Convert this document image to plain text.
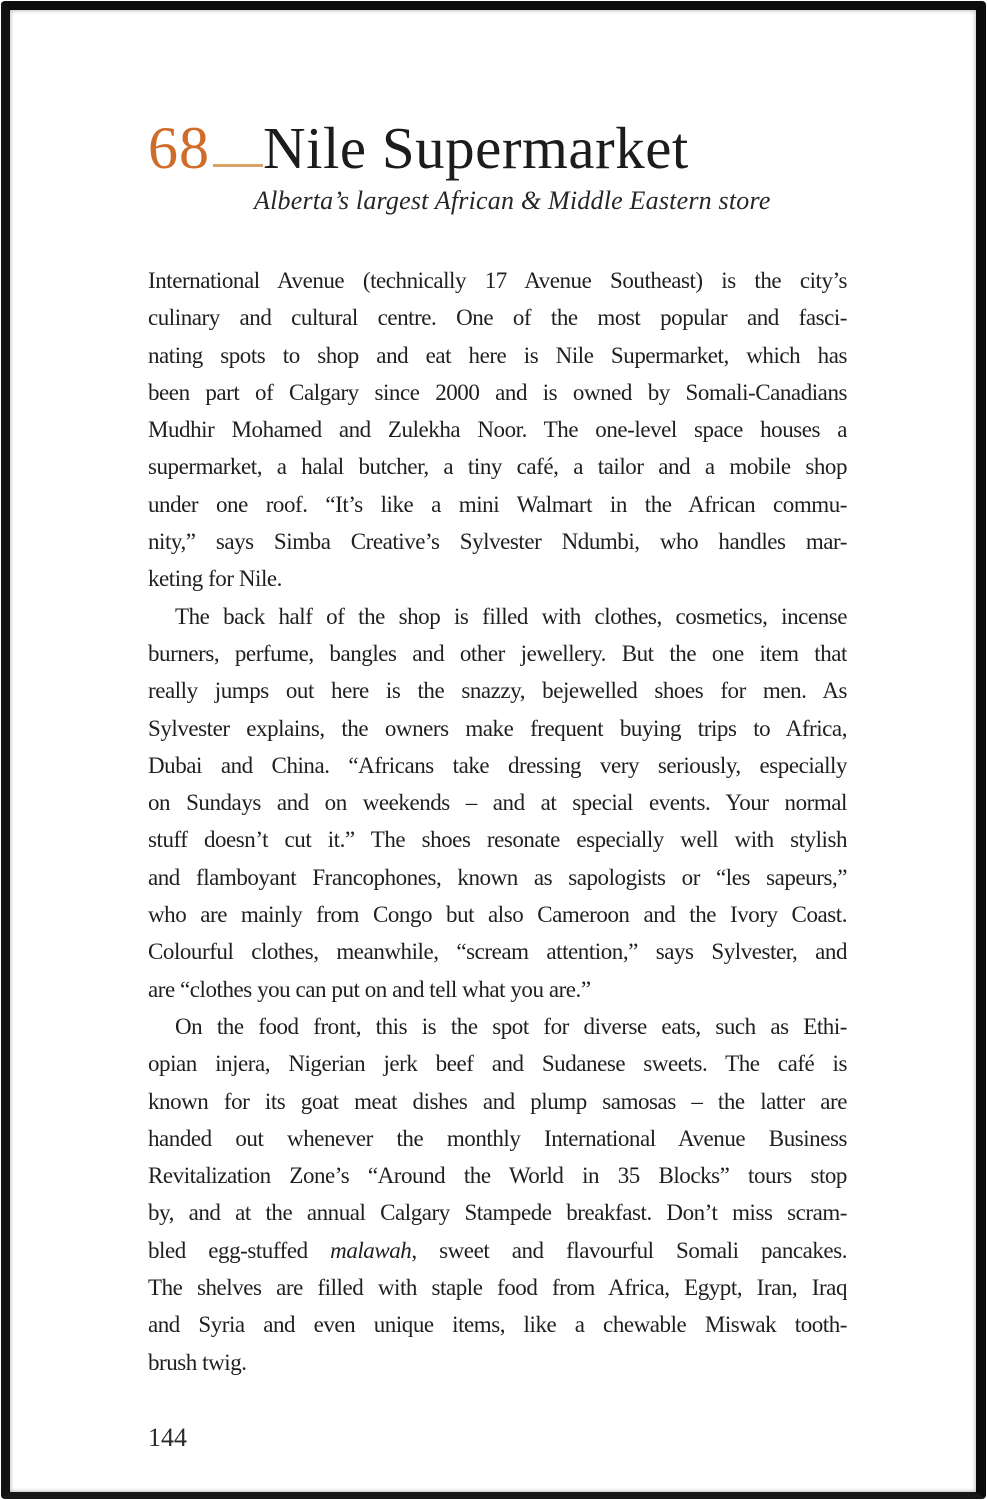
68 Nile Supermarket
Alberta’s largest African & Middle Eastern store
International Avenue (technically 17 Avenue Southeast) is the city’s
culinary and cultural centre. One of the most popular and fasci-
nating spots to shop and eat here is Nile Supermarket, which has
been part of Calgary since 2000 and is owned by Somali-Canadians
Mudhir Mohamed and Zulekha Noor. The one-level space houses a
supermarket, a halal butcher, a tiny café, a tailor and a mobile shop
under one roof. “It’s like a mini Walmart in the African commu-
nity,” says Simba Creative’s Sylvester Ndumbi, who handles mar-
keting for Nile.
The back half of the shop is filled with clothes, cosmetics, incense
burners, perfume, bangles and other jewellery. But the one item that
really jumps out here is the snazzy, bejewelled shoes for men. As
Sylvester explains, the owners make frequent buying trips to Africa,
Dubai and China. “Africans take dressing very seriously, especially
on Sundays and on weekends – and at special events. Your normal
stuff doesn’t cut it.” The shoes resonate especially well with stylish
and flamboyant Francophones, known as sapologists or “les sapeurs,”
who are mainly from Congo but also Cameroon and the Ivory Coast.
Colourful clothes, meanwhile, “scream attention,” says Sylvester, and
are “clothes you can put on and tell what you are.”
On the food front, this is the spot for diverse eats, such as Ethi-
opian injera, Nigerian jerk beef and Sudanese sweets. The café is
known for its goat meat dishes and plump samosas – the latter are
handed out whenever the monthly International Avenue Business
Revitalization Zone’s “Around the World in 35 Blocks” tours stop
by, and at the annual Calgary Stampede breakfast. Don’t miss scram-
bled egg-stuffed malawah, sweet and flavourful Somali pancakes.
The shelves are filled with staple food from Africa, Egypt, Iran, Iraq
and Syria and even unique items, like a chewable Miswak tooth-
brush twig.
144
